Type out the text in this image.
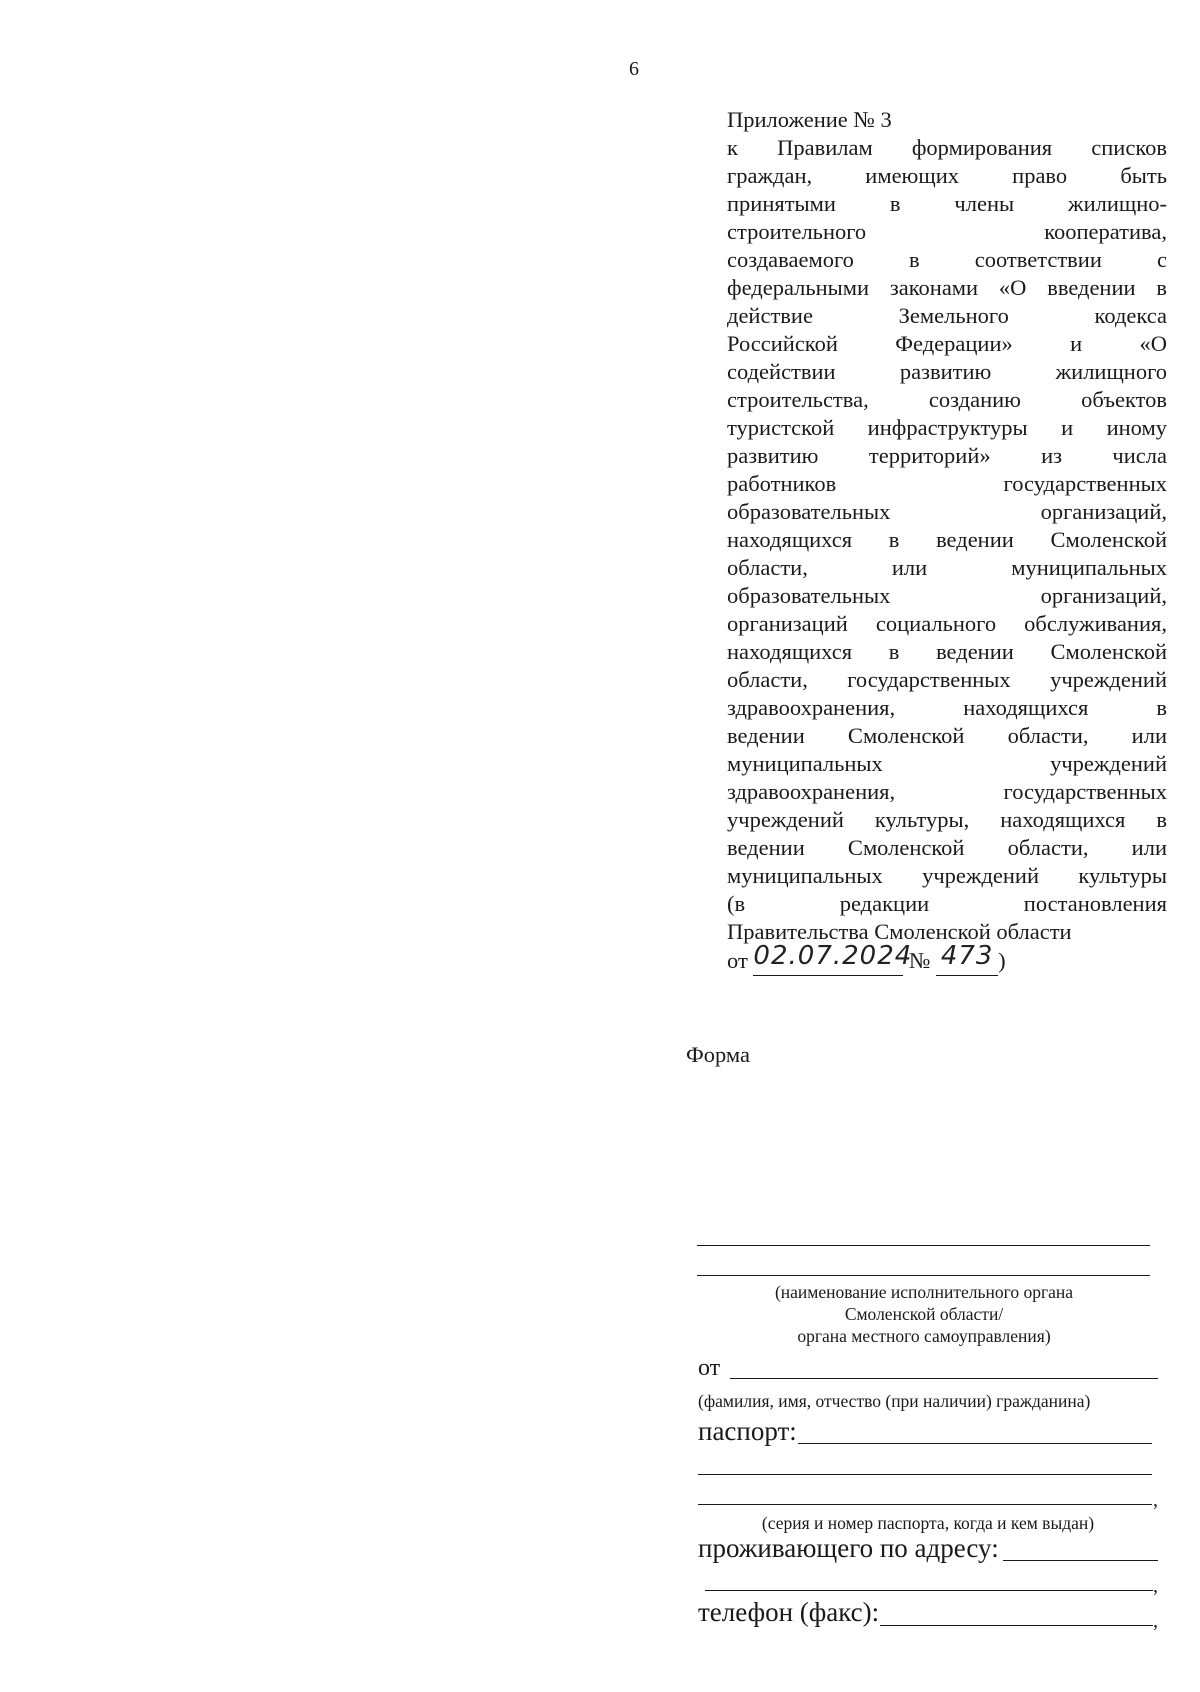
6
Приложение № 3
к Правилам формирования списков
граждан, имеющих право быть
принятыми в члены жилищно-
строительного кооператива,
создаваемого в соответствии с
федеральными законами «О введении в
действие Земельного кодекса
Российской Федерации» и «О
содействии развитию жилищного
строительства, созданию объектов
туристской инфраструктуры и иному
развитию территорий» из числа
работников государственных
образовательных организаций,
находящихся в ведении Смоленской
области, или муниципальных
образовательных организаций,
организаций социального обслуживания,
находящихся в ведении Смоленской
области, государственных учреждений
здравоохранения, находящихся в
ведении Смоленской области, или
муниципальных учреждений
здравоохранения, государственных
учреждений культуры, находящихся в
ведении Смоленской области, или
муниципальных учреждений культуры
(в редакции постановления
Правительства Смоленской области
от 02.07.2024 № 473 )
Форма
(наименование исполнительного органа
Смоленской области/
органа местного самоуправления)
от
(фамилия, имя, отчество (при наличии) гражданина)
паспорт:
,
(серия и номер паспорта, когда и кем выдан)
проживающего по адресу:
,
телефон (факс):	,
